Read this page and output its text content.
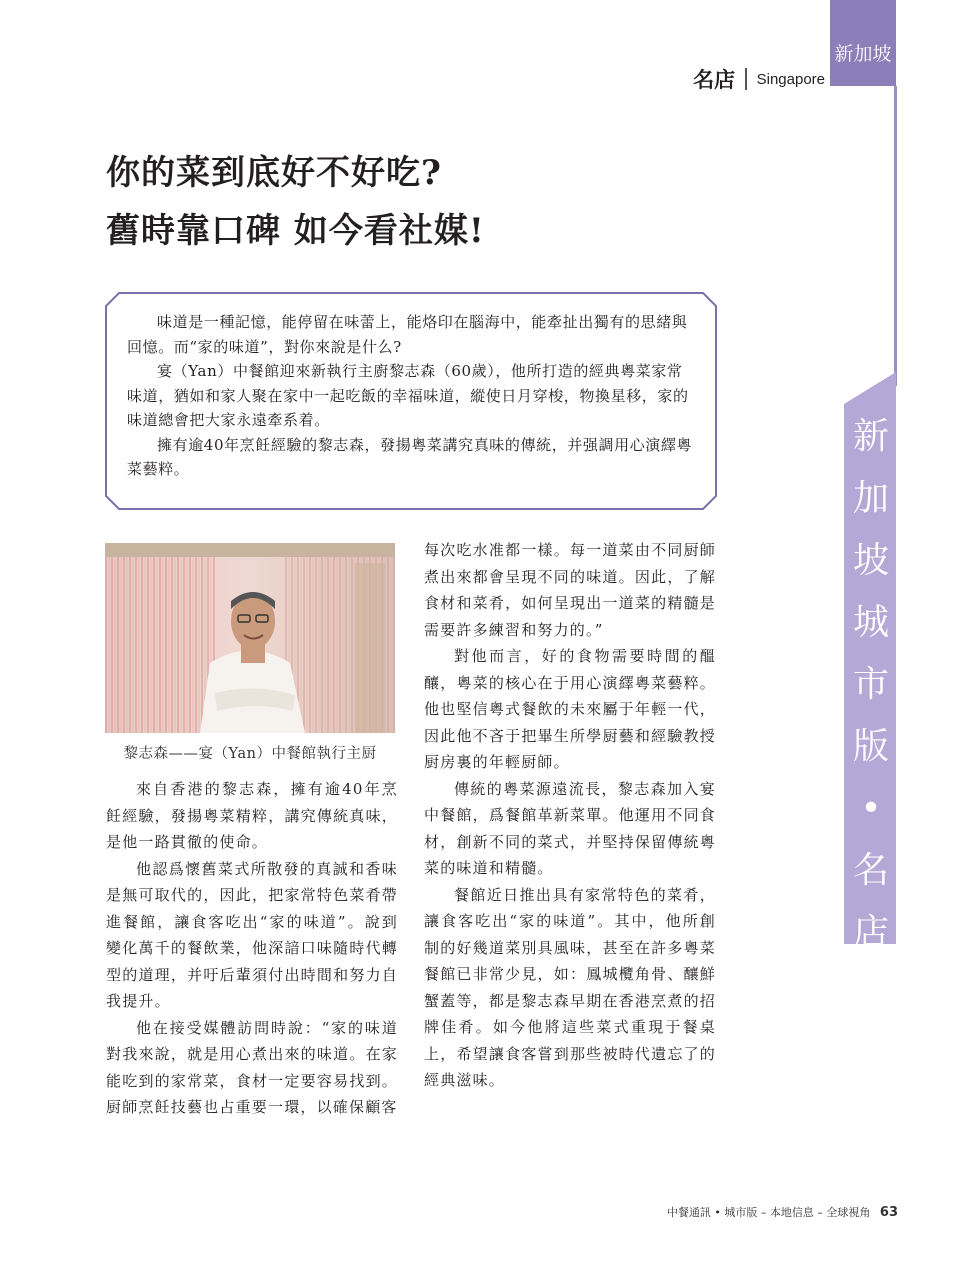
新加坡
名店 Singapore
你的菜到底好不好吃?
舊時靠口碑 如今看社媒!

味道是一種記憶，能停留在味蕾上，能烙印在腦海中，能牽扯出獨有的思緒與回憶。而“家的味道”，對你來說是什么?

宴（Yan）中餐館迎來新執行主廚黎志森（60歲），他所打造的經典粵菜家常味道，猶如和家人聚在家中一起吃飯的幸福味道，縱使日月穿梭，物換星移，家的味道總會把大家永遠牽系着。

擁有逾40年烹飪經驗的黎志森，發揚粵菜講究真味的傳統，并强調用心演繹粵菜藝粹。

新
加
坡
城
市
版
•
名
店
黎志森——宴（Yan）中餐館執行主厨

來自香港的黎志森，擁有逾40年烹飪經驗，發揚粵菜精粹，講究傳統真味，是他一路貫徹的使命。

他認爲懷舊菜式所散發的真誠和香味是無可取代的，因此，把家常特色菜肴帶進餐館，讓食客吃出“家的味道”。說到變化萬千的餐飲業，他深諳口味隨時代轉型的道理，并吁后輩須付出時間和努力自我提升。

他在接受媒體訪問時說：“家的味道對我來說，就是用心煮出來的味道。在家能吃到的家常菜，食材一定要容易找到。厨師烹飪技藝也占重要一環，以確保顧客

每次吃水准都一樣。每一道菜由不同厨師煮出來都會呈現不同的味道。因此，了解食材和菜肴，如何呈現出一道菜的精髓是需要許多練習和努力的。”

對他而言，好的食物需要時間的醞釀，粵菜的核心在于用心演繹粵菜藝粹。他也堅信粵式餐飲的未來屬于年輕一代，因此他不吝于把畢生所學厨藝和經驗教授厨房裏的年輕厨師。

傳統的粵菜源遠流長，黎志森加入宴中餐館，爲餐館革新菜單。他運用不同食材，創新不同的菜式，并堅持保留傳統粵菜的味道和精髓。

餐館近日推出具有家常特色的菜肴，讓食客吃出“家的味道”。其中，他所創制的好幾道菜別具風味，甚至在許多粵菜餐館已非常少見，如：鳳城欖角骨、釀鮮蟹蓋等，都是黎志森早期在香港烹煮的招牌佳肴。如今他將這些菜式重現于餐桌上，希望讓食客嘗到那些被時代遺忘了的經典滋味。

中餐通訊 • 城市版 – 本地信息 – 全球視角 63
